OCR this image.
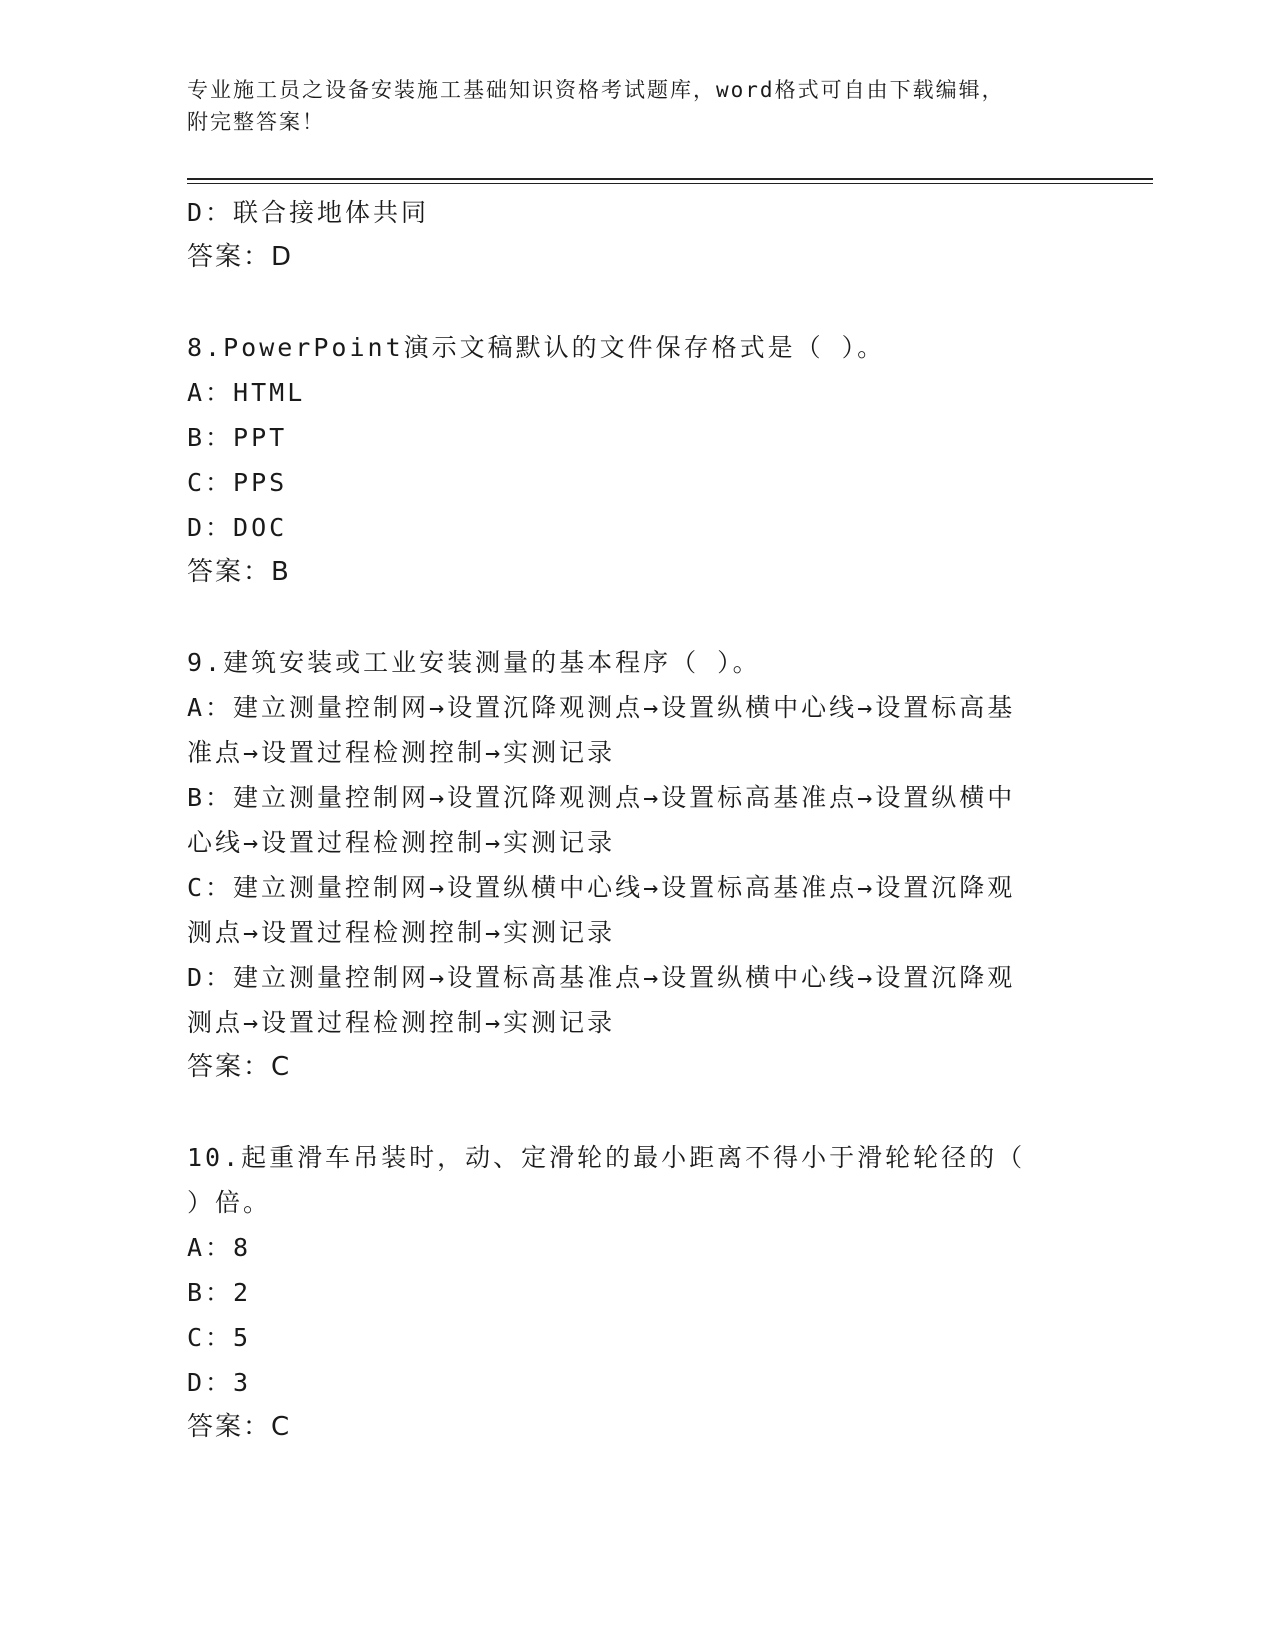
专业施工员之设备安装施工基础知识资格考试题库，word格式可自由下载编辑，
附完整答案！
D：联合接地体共同
答案：D
8.PowerPoint演示文稿默认的文件保存格式是（ ）。
A：HTML
B：PPT
C：PPS
D：DOC
答案：B
9.建筑安装或工业安装测量的基本程序（ ）。
A：建立测量控制网→设置沉降观测点→设置纵横中心线→设置标高基
准点→设置过程检测控制→实测记录
B：建立测量控制网→设置沉降观测点→设置标高基准点→设置纵横中
心线→设置过程检测控制→实测记录
C：建立测量控制网→设置纵横中心线→设置标高基准点→设置沉降观
测点→设置过程检测控制→实测记录
D：建立测量控制网→设置标高基准点→设置纵横中心线→设置沉降观
测点→设置过程检测控制→实测记录
答案：C
10.起重滑车吊装时，动、定滑轮的最小距离不得小于滑轮轮径的（
）倍。
A：8
B：2
C：5
D：3
答案：C
